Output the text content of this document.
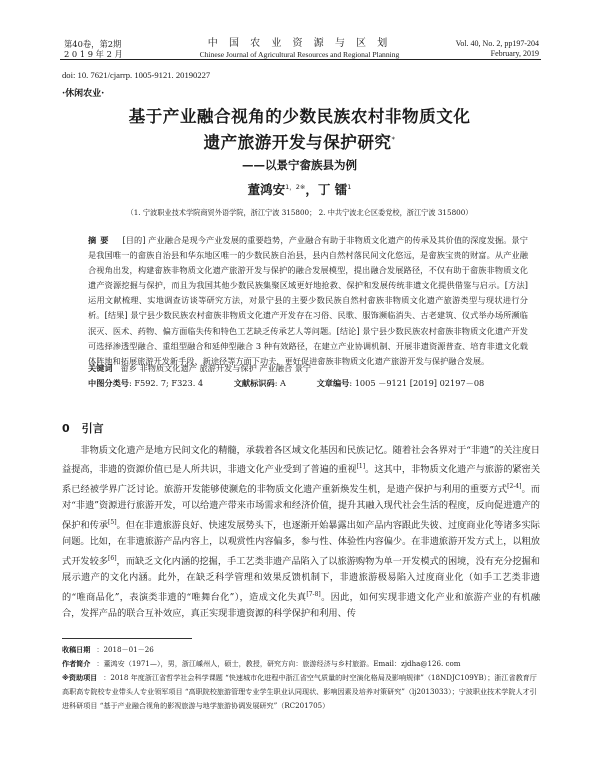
第40卷，第2期
2 0 1 9 年 2 月
中 国 农 业 资 源 与 区 划
Chinese Journal of Agricultural Resources and Regional Planning
Vol. 40, No. 2, pp197-204
February, 2019
doi: 10. 7621/cjarrp. 1005-9121. 20190227
·休闲农业·
基于产业融合视角的少数民族农村非物质文化
遗产旅游开发与保护研究*
——以景宁畲族县为例
董鸿安$^{1,2※}$，丁 镭$^1$
（1. 宁波职业技术学院商贸外语学院，浙江宁波 315800； 2. 中共宁波北仑区委党校，浙江宁波 315800）
摘要 [目的] 产业融合是现今产业发展的重要趋势，产业融合有助于非物质文化遗产的传承及其价值的深度发掘。景宁是我国唯一的畲族自治县和华东地区唯一的少数民族自治县，县内自然村落民间文化悠远，是畲族宝贵的财富。从产业融合视角出发，构建畲族非物质文化遗产旅游开发与保护的融合发展模型，提出融合发展路径，不仅有助于畲族非物质文化遗产资源挖掘与保护，而且为我国其他少数民族集聚区域更好地抢救、保护和发展传统非遗文化提供借鉴与启示。[方法] 运用文献梳理、实地调查访谈等研究方法，对景宁县的主要少数民族自然村畲族非物质文化遗产旅游类型与现状进行分析。[结果] 景宁县少数民族农村畲族非物质文化遗产开发存在习俗、民歌、服饰濒临消失、古老建筑、仪式举办场所濒临泯灭、医术、药物、偏方面临失传和特色工艺缺乏传承艺人等问题。[结论] 景宁县少数民族农村畲族非物质文化遗产开发可选择渗透型融合、重组型融合和延伸型融合 3 种有效路径，在建立产业协调机制、开展非遗资源普查、培育非遗文化载体阵地和拓展旅游开发新手段、新途径等方面下功夫，更好促进畲族非物质文化遗产旅游开发与保护融合发展。
关键词 畲乡 非物质文化遗产 旅游开发与保护 产业融合 景宁
中图分类号: F592. 7; F323. 4	文献标识码: A	文章编号: 1005 －9121 [2019] 02197－08
0 引言
非物质文化遗产是地方民间文化的精髓，承载着各区域文化基因和民族记忆。随着社会各界对于“非遗”的关注度日益提高，非遗的资源价值已是人所共识，非遗文化产业受到了普遍的重视[1]。这其中，非物质文化遗产与旅游的紧密关系已经被学界广泛讨论。旅游开发能够使濒危的非物质文化遗产重新焕发生机，是遗产保护与利用的重要方式[2-4]。而对“非遗”资源进行旅游开发，可以给遗产带来市场需求和经济价值，提升其融入现代社会生活的程度，反向促进遗产的保护和传承[5]。但在非遗旅游良好、快速发展势头下，也逐渐开始暴露出如产品内容跟此失彼、过度商业化等诸多实际问题。比如，在非遗旅游产品内容上，以观赏性内容偏多，参与性、体验性内容偏少。在非遗旅游开发方式上，以粗放式开发较多[6]，而缺乏文化内涵的挖掘，手工艺类非遗产品陷入了以旅游购物为单一开发模式的困境，没有充分挖掘和展示遗产的文化内涵。此外，在缺乏科学管理和效果反馈机制下，非遗旅游极易陷入过度商业化（如手工艺类非遗的“唯商品化”，表演类非遗的“唯舞台化”），造成文化失真[7-8]。因此，如何实现非遗文化产业和旅游产业的有机融合，发挥产品的联合互补效应，真正实现非遗资源的科学保护和利用、传
收稿日期 ：2018－01－26
作者简介 ：董鸿安（1971—），男，浙江嵊州人，硕士，教授，研究方向：旅游经济与乡村旅游。Email：zjdha@126. com
※资助项目 ：2018 年度浙江省哲学社会科学课题 “快速城市化进程中浙江省空气质量的时空演化格局及影响规律”（18NDJC109YB）；浙江省教育厅高职高专院校专业带头人专业领军项目 “高职院校旅游管理专业学生职业认同现状、影响因素及培养对策研究”（lj2013033）；宁波职业技术学院人才引进科研项目 “基于产业融合视角的影视旅游与地学旅游协调发展研究”（RC201705）
